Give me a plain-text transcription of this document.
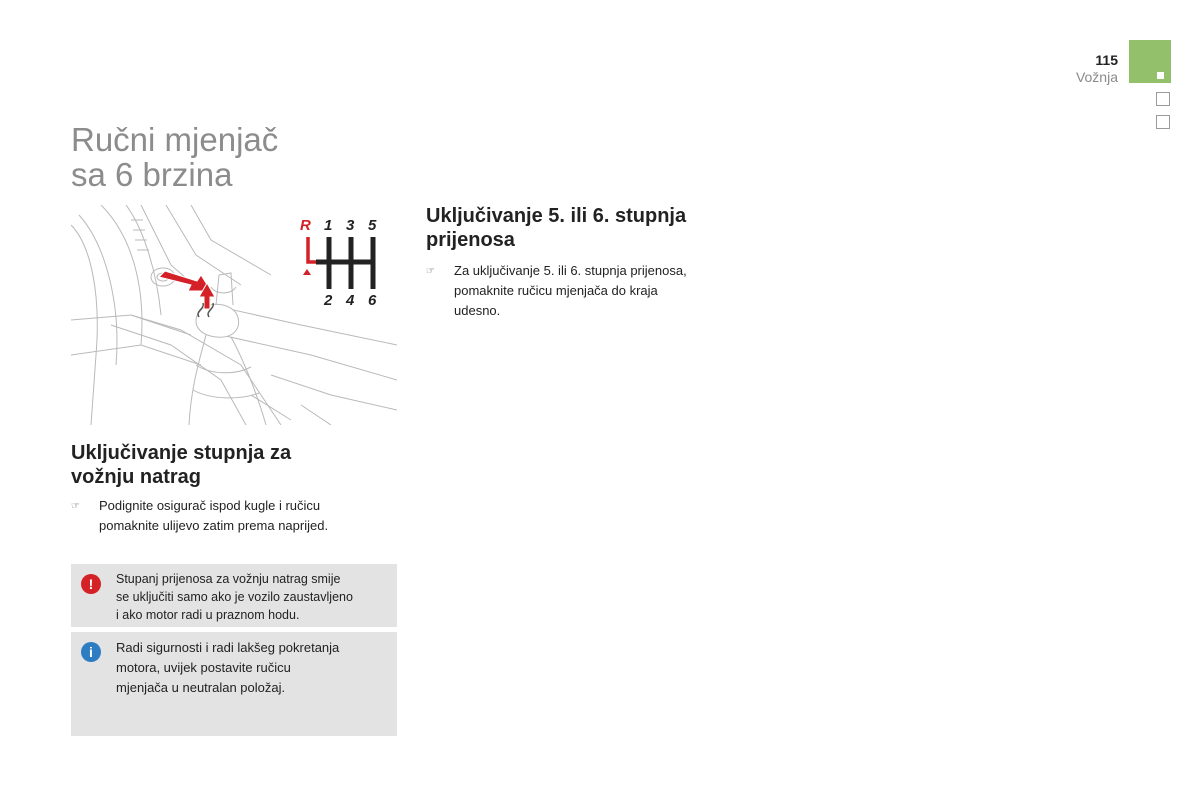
115
Vožnja
Ručni mjenjač
sa 6 brzina
R 1 3 5
2 4 6
Uključivanje stupnja za
vožnju natrag
☞	Podignite osigurač ispod kugle i ručicu
pomaknite ulijevo zatim prema naprijed.
!	Stupanj prijenosa za vožnju natrag smije
se uključiti samo ako je vozilo zaustavljeno
i ako motor radi u praznom hodu.
i	Radi sigurnosti i radi lakšeg pokretanja
motora, uvijek postavite ručicu
mjenjača u neutralan položaj.
Uključivanje 5. ili 6. stupnja
prijenosa
☞	Za uključivanje 5. ili 6. stupnja prijenosa,
pomaknite ručicu mjenjača do kraja
udesno.
